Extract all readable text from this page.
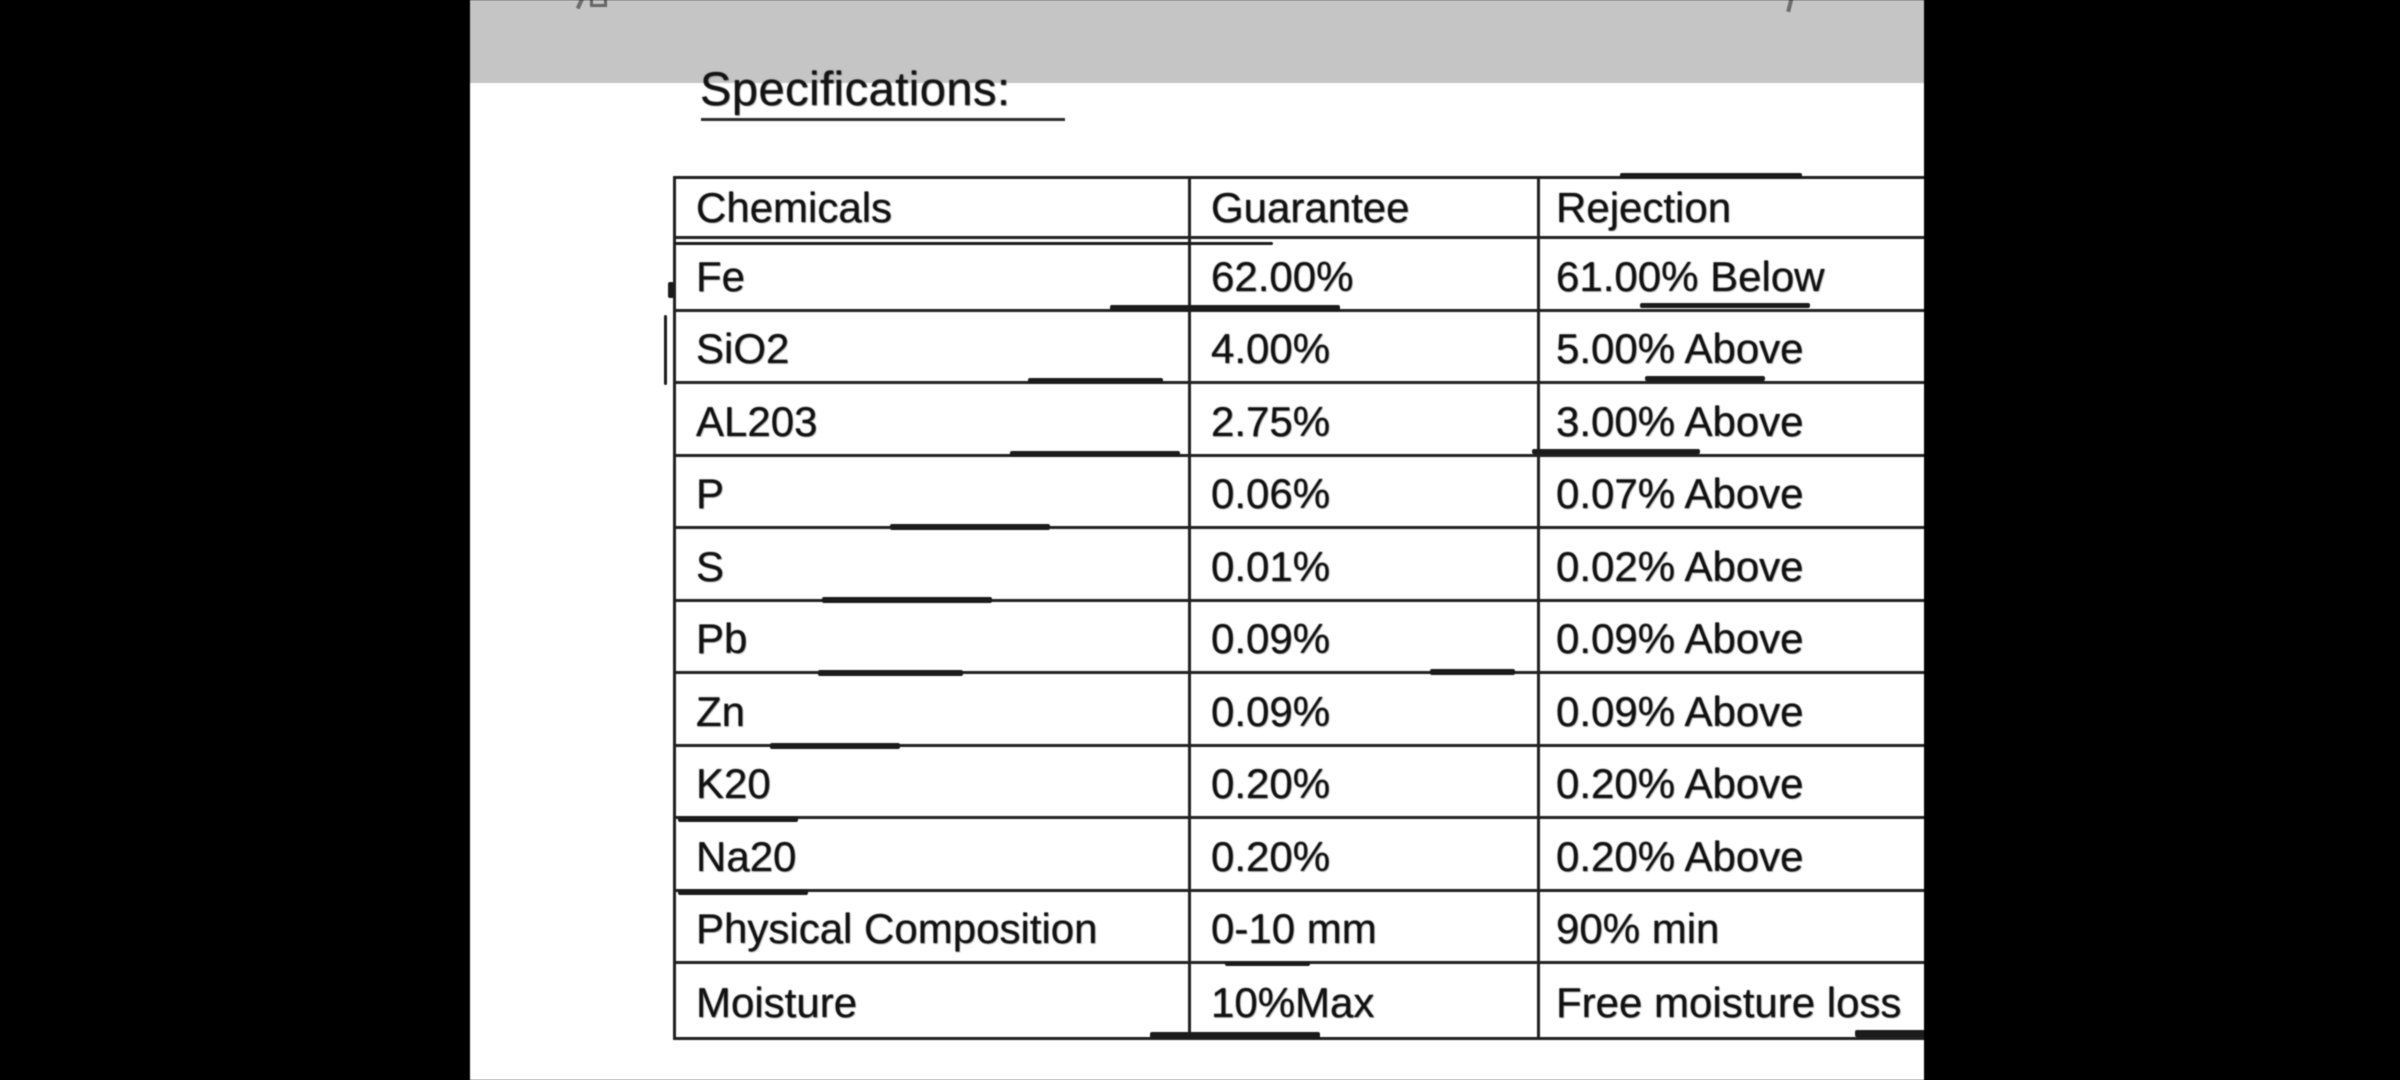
Specifications:
Chemicals	Guarantee	Rejection
Fe	62.00%	61.00% Below
SiO2	4.00%	5.00% Above
AL203	2.75%	3.00% Above
P	0.06%	0.07% Above
S	0.01%	0.02% Above
Pb	0.09%	0.09% Above
Zn	0.09%	0.09% Above
K20	0.20%	0.20% Above
Na20	0.20%	0.20% Above
Physical Composition	0-10 mm	90% min
Moisture	10%Max	Free moisture loss
